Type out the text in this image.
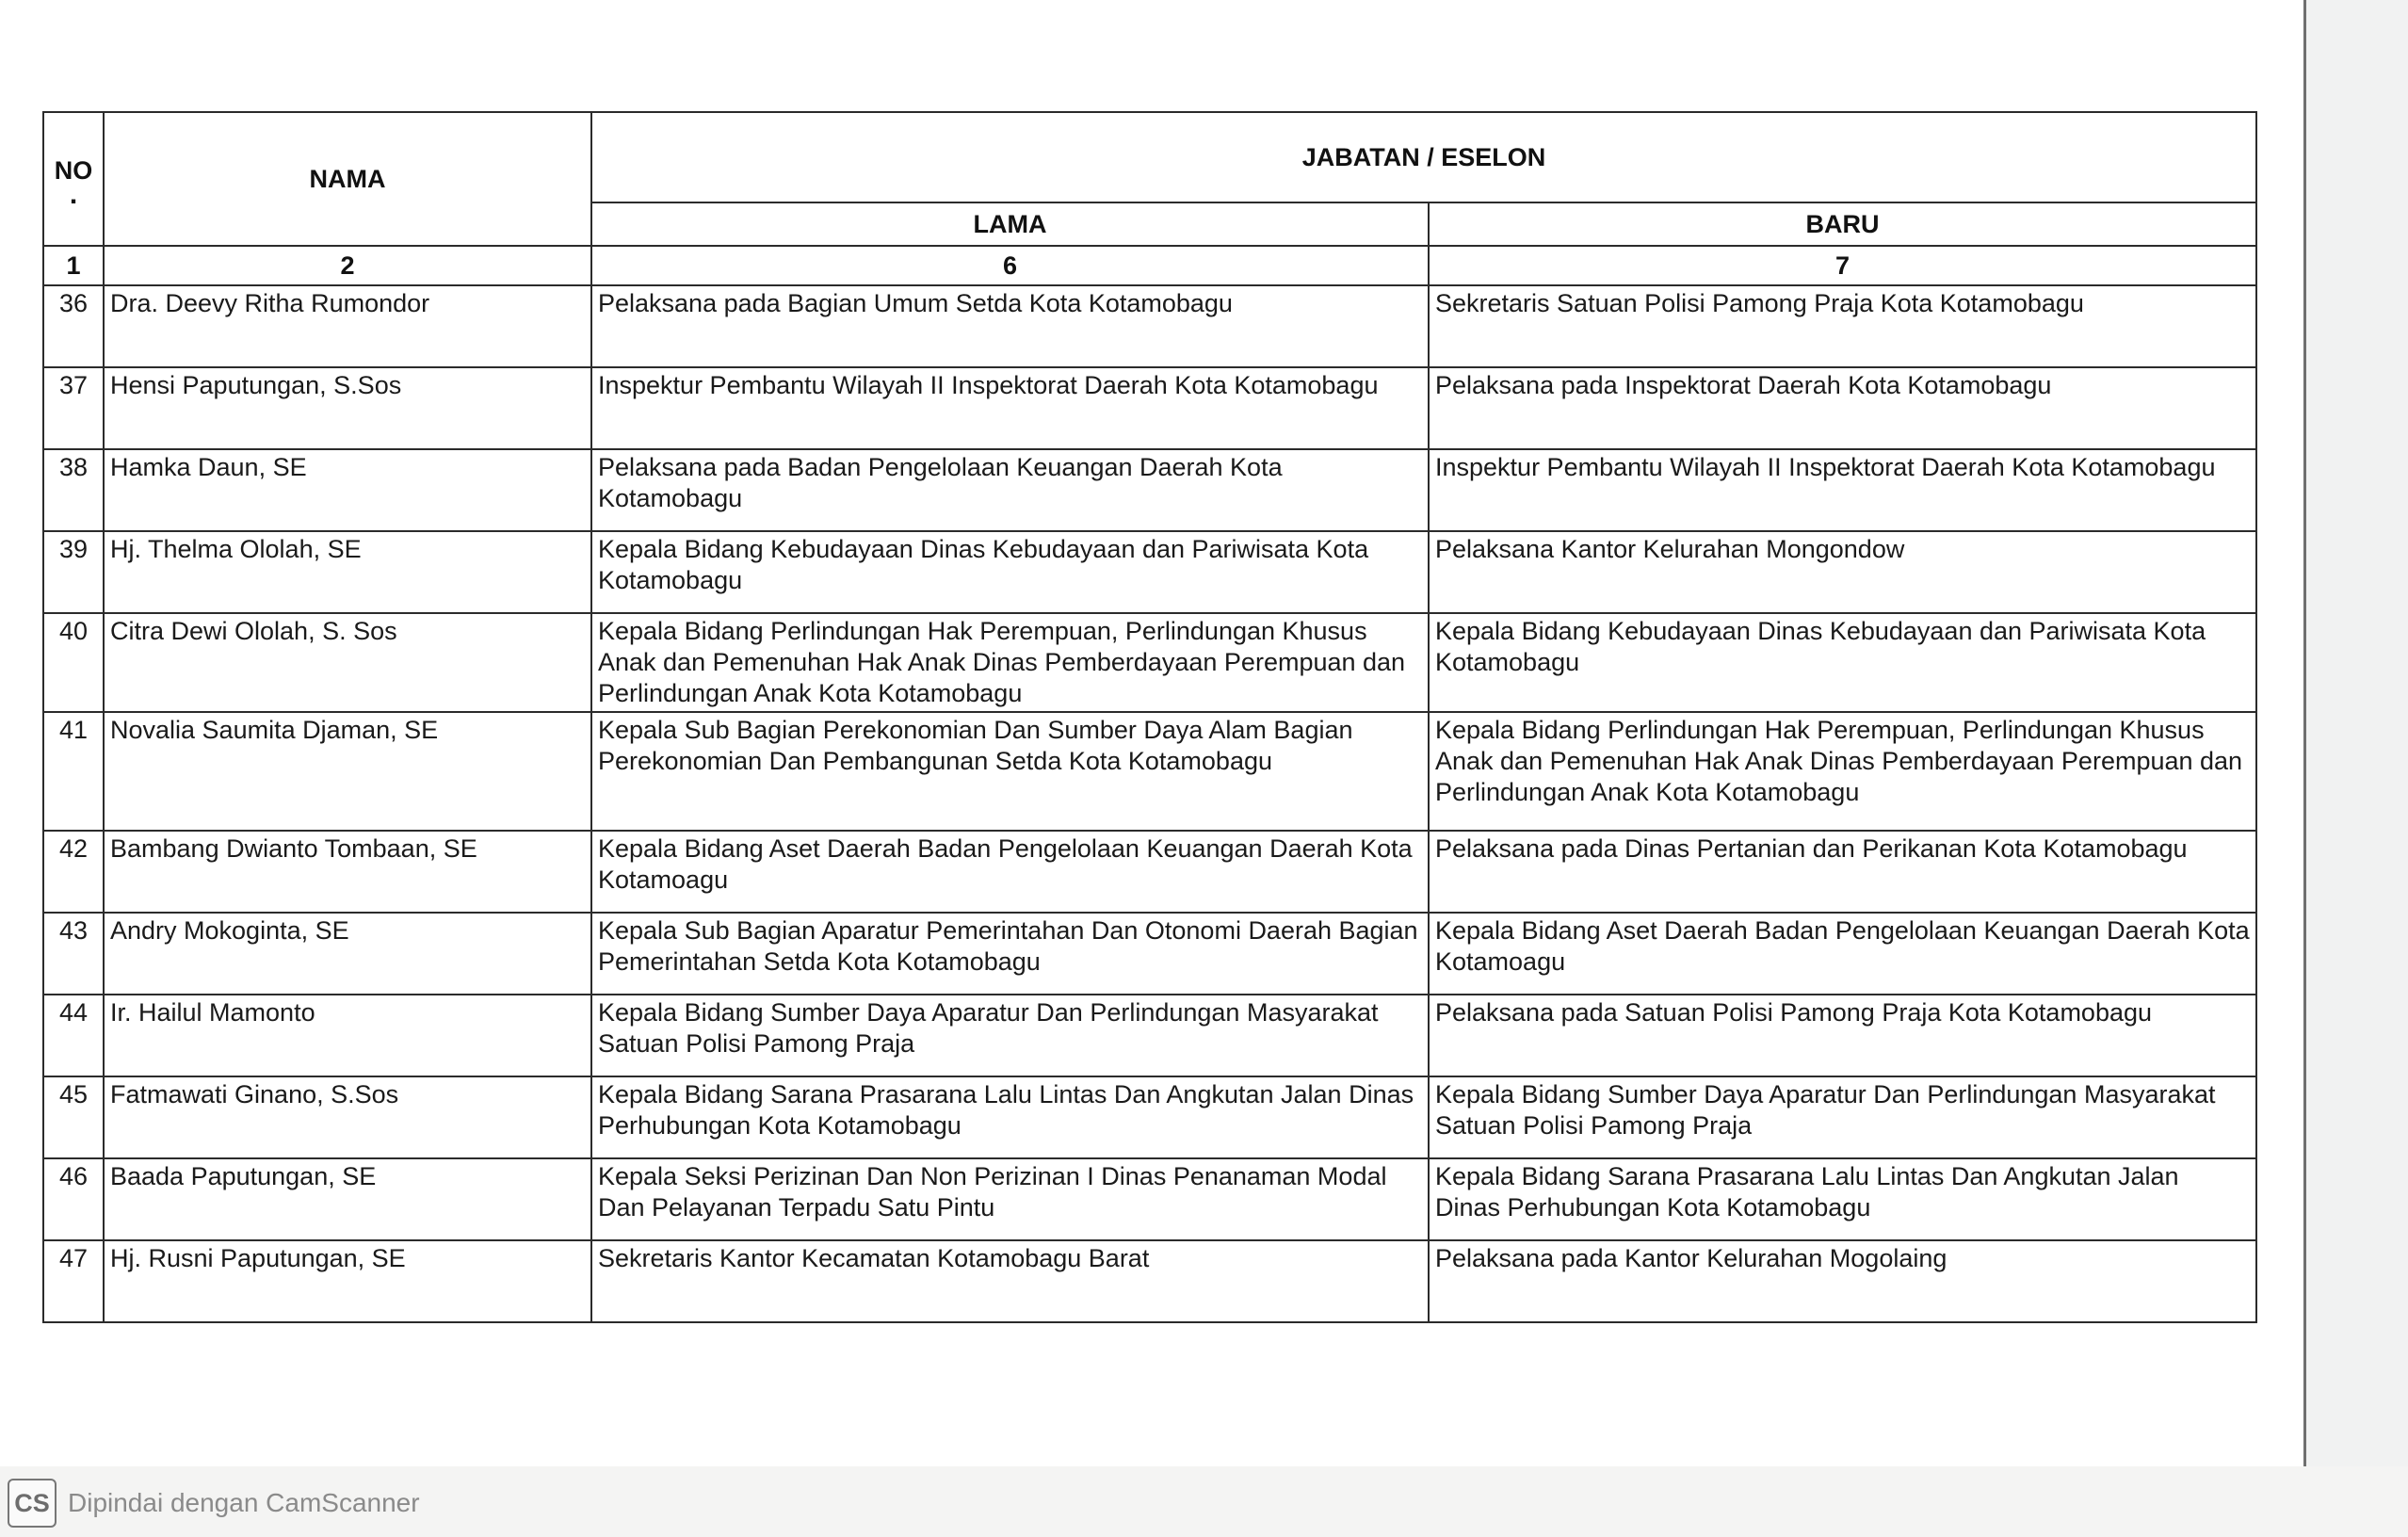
NO
.	NAMA	JABATAN / ESELON	
		LAMA	BARU
1	2	6	7
36	Dra. Deevy Ritha Rumondor	Pelaksana pada Bagian Umum Setda Kota Kotamobagu	Sekretaris Satuan Polisi Pamong Praja Kota Kotamobagu
37	Hensi Paputungan, S.Sos	Inspektur Pembantu Wilayah II Inspektorat Daerah Kota Kotamobagu	Pelaksana pada Inspektorat Daerah Kota Kotamobagu
38	Hamka Daun, SE	Pelaksana pada Badan Pengelolaan Keuangan Daerah Kota Kotamobagu	Inspektur Pembantu Wilayah II Inspektorat Daerah Kota Kotamobagu
39	Hj. Thelma Ololah, SE	Kepala Bidang Kebudayaan Dinas Kebudayaan dan Pariwisata Kota Kotamobagu	Pelaksana Kantor Kelurahan Mongondow
40	Citra Dewi Ololah, S. Sos	Kepala Bidang Perlindungan Hak Perempuan, Perlindungan Khusus Anak dan Pemenuhan Hak Anak Dinas Pemberdayaan Perempuan dan Perlindungan Anak Kota Kotamobagu	Kepala Bidang Kebudayaan Dinas Kebudayaan dan Pariwisata Kota Kotamobagu
41	Novalia Saumita Djaman, SE	Kepala Sub Bagian Perekonomian Dan Sumber Daya Alam Bagian Perekonomian Dan Pembangunan Setda Kota Kotamobagu	Kepala Bidang Perlindungan Hak Perempuan, Perlindungan Khusus Anak dan Pemenuhan Hak Anak Dinas Pemberdayaan Perempuan dan Perlindungan Anak Kota Kotamobagu
42	Bambang Dwianto Tombaan, SE	Kepala Bidang Aset Daerah Badan Pengelolaan Keuangan Daerah Kota Kotamoagu	Pelaksana pada Dinas Pertanian dan Perikanan Kota Kotamobagu
43	Andry Mokoginta, SE	Kepala Sub Bagian Aparatur Pemerintahan Dan Otonomi Daerah Bagian Pemerintahan Setda Kota Kotamobagu	Kepala Bidang Aset Daerah Badan Pengelolaan Keuangan Daerah Kota Kotamoagu
44	Ir. Hailul Mamonto	Kepala Bidang Sumber Daya Aparatur Dan Perlindungan Masyarakat Satuan Polisi Pamong Praja	Pelaksana pada Satuan Polisi Pamong Praja Kota Kotamobagu
45	Fatmawati Ginano, S.Sos	Kepala Bidang Sarana Prasarana Lalu Lintas Dan Angkutan Jalan Dinas Perhubungan Kota Kotamobagu	Kepala Bidang Sumber Daya Aparatur Dan Perlindungan Masyarakat Satuan Polisi Pamong Praja
46	Baada Paputungan, SE	Kepala Seksi Perizinan Dan Non Perizinan I Dinas Penanaman Modal Dan Pelayanan Terpadu Satu Pintu	Kepala Bidang Sarana Prasarana Lalu Lintas Dan Angkutan Jalan Dinas Perhubungan Kota Kotamobagu
47	Hj. Rusni Paputungan, SE	Sekretaris Kantor Kecamatan Kotamobagu Barat	Pelaksana pada Kantor Kelurahan Mogolaing
CS Dipindai dengan CamScanner
